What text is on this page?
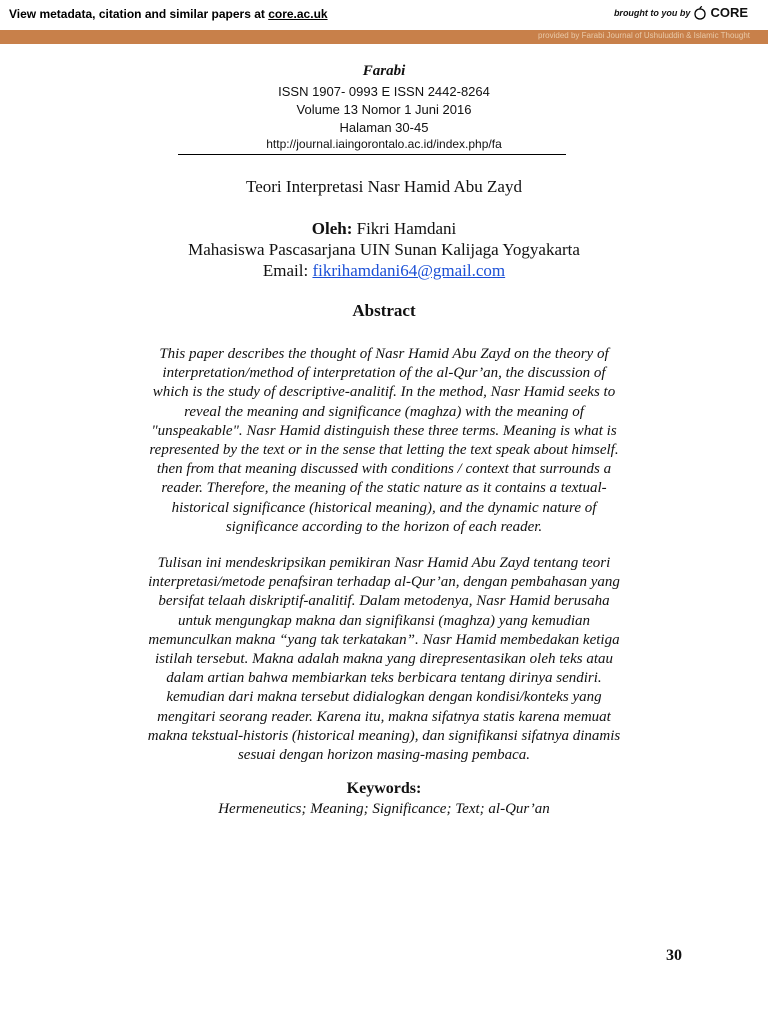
View metadata, citation and similar papers at core.ac.uk	brought to you by CORE
provided by Farabi Journal of Ushuluddin & Islamic Thought
Farabi
ISSN 1907- 0993 E ISSN 2442-8264
Volume 13 Nomor 1 Juni 2016
Halaman 30-45
http://journal.iaingorontalo.ac.id/index.php/fa
Teori Interpretasi Nasr Hamid Abu Zayd
Oleh: Fikri Hamdani
Mahasiswa Pascasarjana UIN Sunan Kalijaga Yogyakarta
Email: fikrihamdani64@gmail.com
Abstract
This paper describes the thought of Nasr Hamid Abu Zayd on the theory of
interpretation/method of interpretation of the al-Qur’an, the discussion of
which is the study of descriptive-analitif. In the method, Nasr Hamid seeks to
reveal the meaning and significance (maghza) with the meaning of
"unspeakable". Nasr Hamid distinguish these three terms. Meaning is what is
represented by the text or in the sense that letting the text speak about himself.
then from that meaning discussed with conditions / context that surrounds a
reader. Therefore, the meaning of the static nature as it contains a textual-
historical significance (historical meaning), and the dynamic nature of
significance according to the horizon of each reader.
Tulisan ini mendeskripsikan pemikiran Nasr Hamid Abu Zayd tentang teori
interpretasi/metode penafsiran terhadap al-Qur’an, dengan pembahasan yang
bersifat telaah diskriptif-analitif. Dalam metodenya, Nasr Hamid berusaha
untuk mengungkap makna dan signifikansi (maghza) yang kemudian
memunculkan makna “yang tak terkatakan”. Nasr Hamid membedakan ketiga
istilah tersebut. Makna adalah makna yang direpresentasikan oleh teks atau
dalam artian bahwa membiarkan teks berbicara tentang dirinya sendiri.
kemudian dari makna tersebut didialogkan dengan kondisi/konteks yang
mengitari seorang reader. Karena itu, makna sifatnya statis karena memuat
makna tekstual-historis (historical meaning), dan signifikansi sifatnya dinamis
sesuai dengan horizon masing-masing pembaca.
Keywords:
Hermeneutics; Meaning; Significance; Text; al-Qur’an
30
